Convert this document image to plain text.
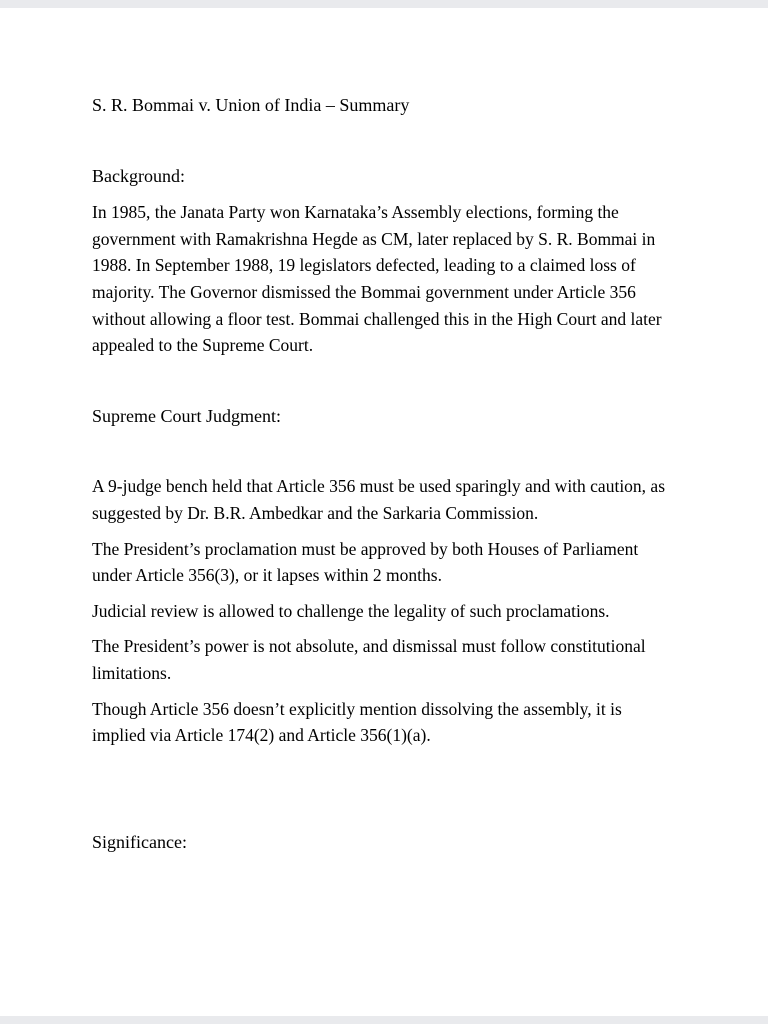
S. R. Bommai v. Union of India – Summary
Background:

In 1985, the Janata Party won Karnataka’s Assembly elections, forming the government with Ramakrishna Hegde as CM, later replaced by S. R. Bommai in 1988. In September 1988, 19 legislators defected, leading to a claimed loss of majority. The Governor dismissed the Bommai government under Article 356 without allowing a floor test. Bommai challenged this in the High Court and later appealed to the Supreme Court.

Supreme Court Judgment:

A 9-judge bench held that Article 356 must be used sparingly and with caution, as suggested by Dr. B.R. Ambedkar and the Sarkaria Commission.

The President’s proclamation must be approved by both Houses of Parliament under Article 356(3), or it lapses within 2 months.

Judicial review is allowed to challenge the legality of such proclamations.

The President’s power is not absolute, and dismissal must follow constitutional limitations.

Though Article 356 doesn’t explicitly mention dissolving the assembly, it is implied via Article 174(2) and Article 356(1)(a).

Significance:
